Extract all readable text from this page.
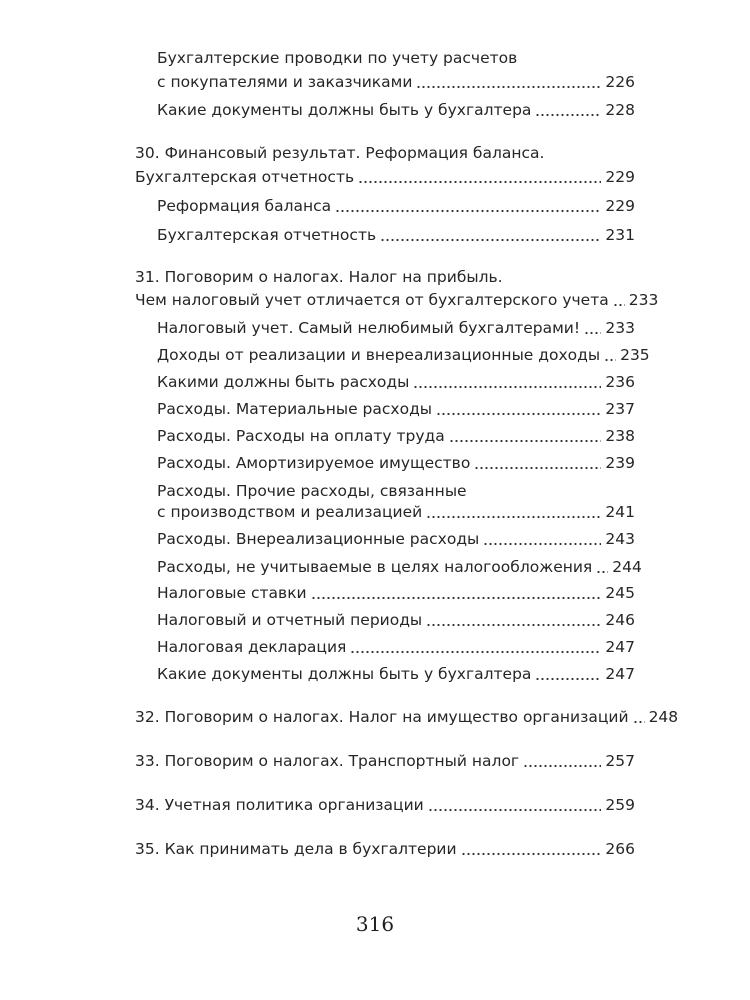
Бухгалтерские проводки по учету расчетов
с покупателями и заказчиками	226
Какие документы должны быть у бухгалтера	228
30. Финансовый результат. Реформация баланса.
Бухгалтерская отчетность	229
Реформация баланса	229
Бухгалтерская отчетность	231
31. Поговорим о налогах. Налог на прибыль.
Чем налоговый учет отличается от бухгалтерского учета 233
Налоговый учет. Самый нелюбимый бухгалтерами! 233
Доходы от реализации и внереализационные доходы 235
Какими должны быть расходы	236
Расходы. Материальные расходы	237
Расходы. Расходы на оплату труда	238
Расходы. Амортизируемое имущество	239
Расходы. Прочие расходы, связанные
с производством и реализацией	241
Расходы. Внереализационные расходы	243
Расходы, не учитываемые в целях налогообложения 244
Налоговые ставки	245
Налоговый и отчетный периоды	246
Налоговая декларация	247
Какие документы должны быть у бухгалтера	247
32. Поговорим о налогах. Налог на имущество организаций 248
33. Поговорим о налогах. Транспортный налог	257
34. Учетная политика организации	259
35. Как принимать дела в бухгалтерии	266
316
